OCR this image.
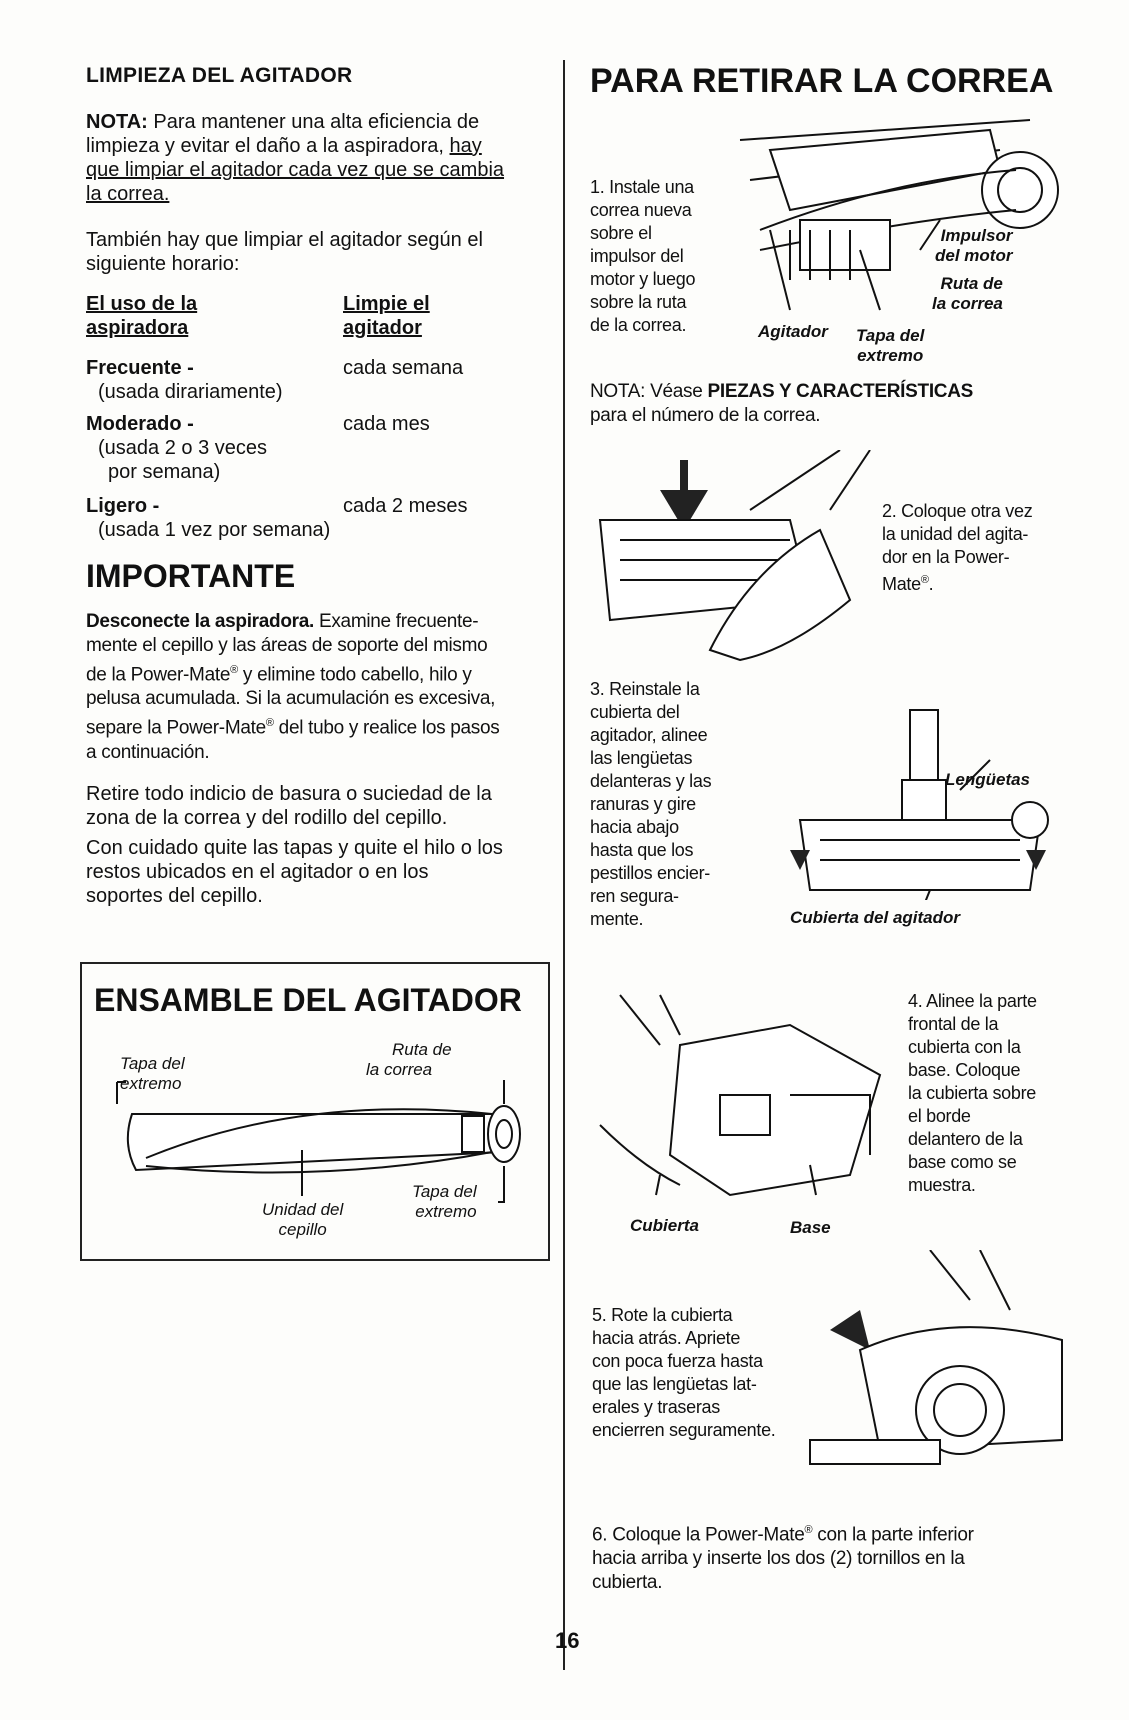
LIMPIEZA DEL AGITADOR
NOTA: Para mantener una alta eficiencia de
limpieza y evitar el daño a la aspiradora, hay
que limpiar el agitador cada vez que se cambia
la correa.
También hay que limpiar el agitador según el
siguiente horario:
El uso de la
aspiradora
Limpie el
agitador
Frecuente -
(usada dirariamente)
cada semana
Moderado -
(usada 2 o 3 veces
por semana)
cada mes
Ligero -
(usada 1 vez por semana)
cada 2 meses
IMPORTANTE
Desconecte la aspiradora. Examine frecuente-
mente el cepillo y las áreas de soporte del mismo
de la Power-Mate® y elimine todo cabello, hilo y
pelusa acumulada. Si la acumulación es excesiva,
separe la Power-Mate® del tubo y realice los pasos
a continuación.
Retire todo indicio de basura o suciedad de la
zona de la correa y del rodillo del cepillo.
Con cuidado quite las tapas y quite el hilo o los
restos ubicados en el agitador o en los
soportes del cepillo.
ENSAMBLE DEL AGITADOR
Tapa del
extremo
Ruta de
la correa
Tapa del
extremo
Unidad del
cepillo
PARA RETIRAR LA CORREA
1. Instale una
correa nueva
sobre el
impulsor del
motor y luego
sobre la ruta
de la correa.
Impulsor
del motor
Ruta de
la correa
Agitador Tapa del
extremo
NOTA: Véase PIEZAS Y CARACTERÍSTICAS
para el número de la correa.
2. Coloque otra vez
la unidad del agita-
dor en la Power-
Mate®.
3. Reinstale la
cubierta del
agitador, alinee
las lengüetas
delanteras y las
ranuras y gire
hacia abajo
hasta que los
pestillos encier-
ren segura-
mente.
Lengüetas
Cubierta del agitador
Cubierta	Base
4. Alinee la parte
frontal de la
cubierta con la
base. Coloque
la cubierta sobre
el borde
delantero de la
base como se
muestra.
5. Rote la cubierta
hacia atrás. Apriete
con poca fuerza hasta
que las lengüetas lat-
erales y traseras
encierren seguramente.
6. Coloque la Power-Mate® con la parte inferior
hacia arriba y inserte los dos (2) tornillos en la
cubierta.
16
